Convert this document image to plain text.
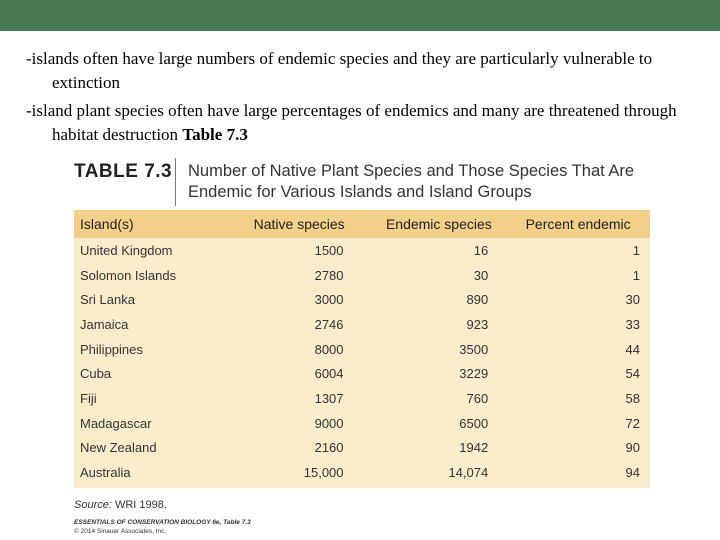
-islands often have large numbers of endemic species and they are particularly vulnerable to extinction

-island plant species often have large percentages of endemics and many are threatened through habitat destruction Table 7.3

TABLE 7.3 Number of Native Plant Species and Those Species That Are Endemic for Various Islands and Island Groups
Island(s)	Native species	Endemic species	Percent endemic
United Kingdom	1500	16	1
Solomon Islands	2780	30	1
Sri Lanka	3000	890	30
Jamaica	2746	923	33
Philippines	8000	3500	44
Cuba	6004	3229	54
Fiji	1307	760	58
Madagascar	9000	6500	72
New Zealand	2160	1942	90
Australia	15,000	14,074	94
Source: WRI 1998.
ESSENTIALS OF CONSERVATION BIOLOGY 6e, Table 7.3
© 2014 Sinauer Associates, Inc.
